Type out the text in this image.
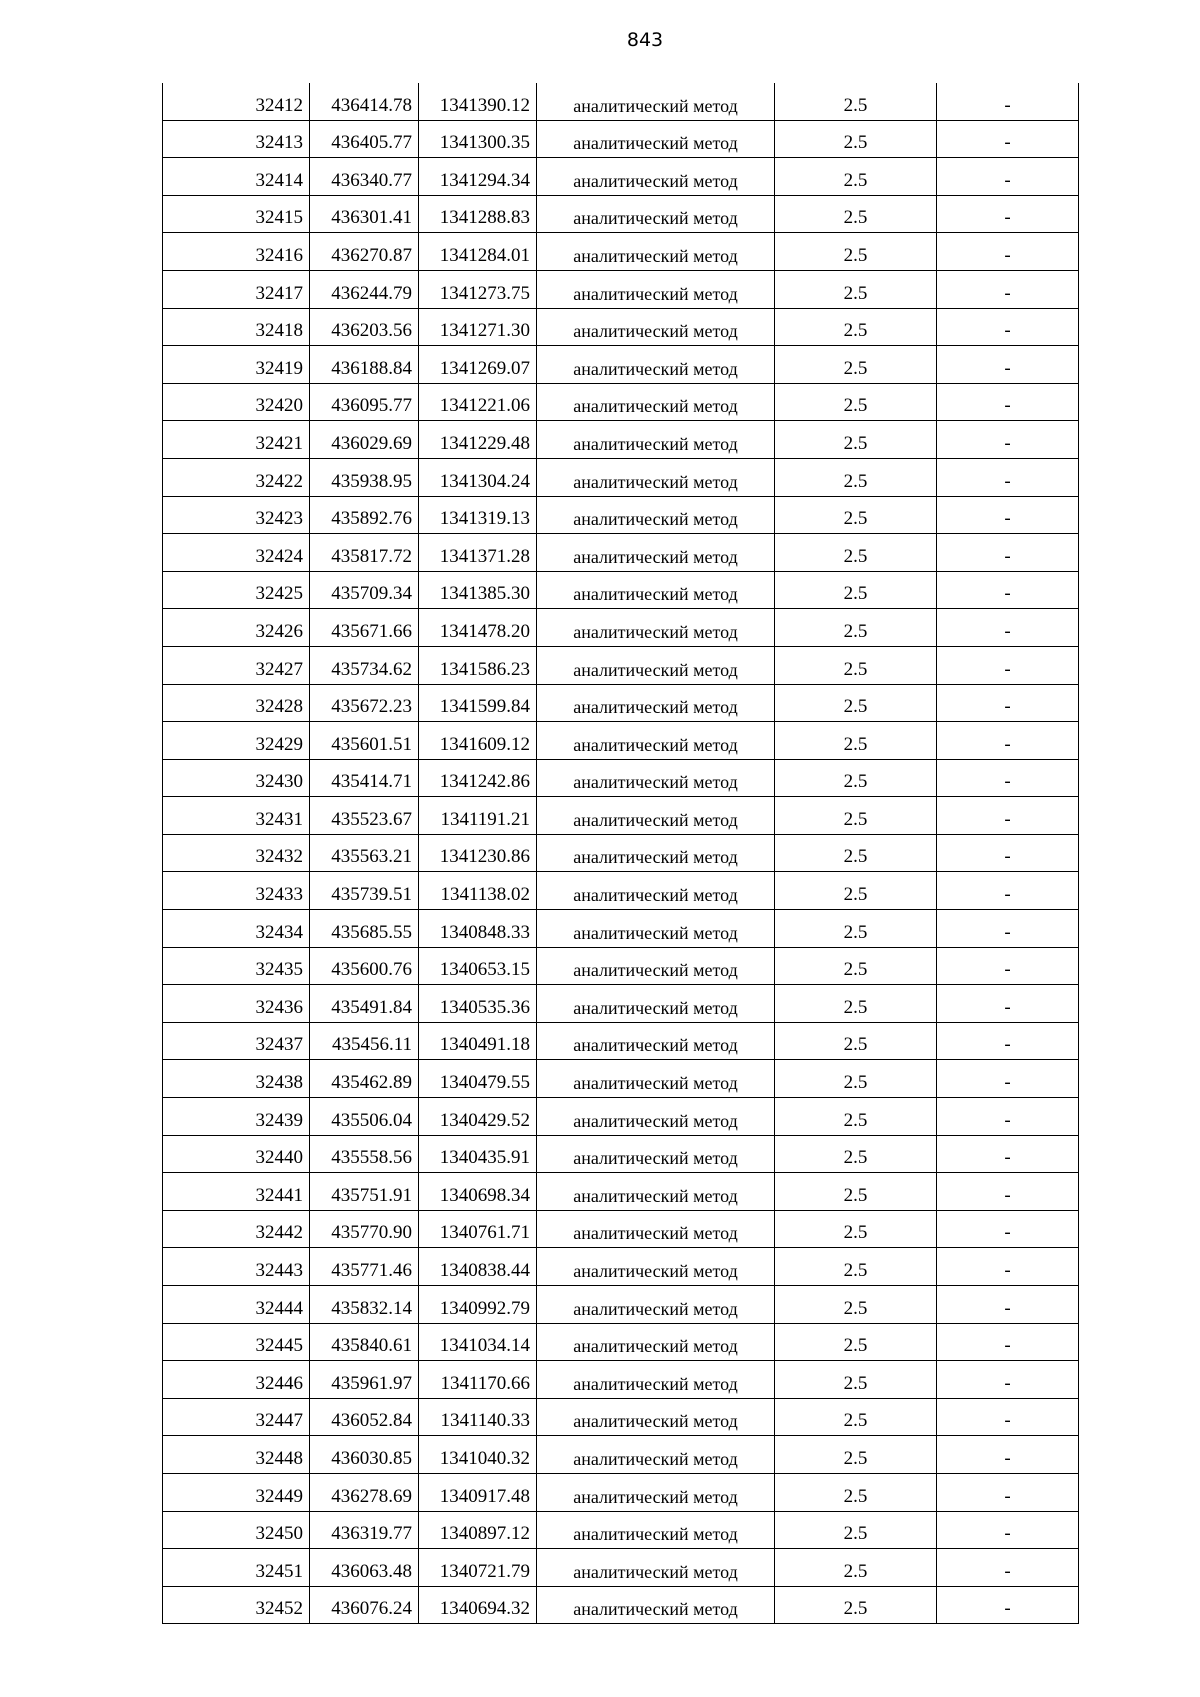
843
32412	436414.78	1341390.12	аналитический метод	2.5	-
32413	436405.77	1341300.35	аналитический метод	2.5	-
32414	436340.77	1341294.34	аналитический метод	2.5	-
32415	436301.41	1341288.83	аналитический метод	2.5	-
32416	436270.87	1341284.01	аналитический метод	2.5	-
32417	436244.79	1341273.75	аналитический метод	2.5	-
32418	436203.56	1341271.30	аналитический метод	2.5	-
32419	436188.84	1341269.07	аналитический метод	2.5	-
32420	436095.77	1341221.06	аналитический метод	2.5	-
32421	436029.69	1341229.48	аналитический метод	2.5	-
32422	435938.95	1341304.24	аналитический метод	2.5	-
32423	435892.76	1341319.13	аналитический метод	2.5	-
32424	435817.72	1341371.28	аналитический метод	2.5	-
32425	435709.34	1341385.30	аналитический метод	2.5	-
32426	435671.66	1341478.20	аналитический метод	2.5	-
32427	435734.62	1341586.23	аналитический метод	2.5	-
32428	435672.23	1341599.84	аналитический метод	2.5	-
32429	435601.51	1341609.12	аналитический метод	2.5	-
32430	435414.71	1341242.86	аналитический метод	2.5	-
32431	435523.67	1341191.21	аналитический метод	2.5	-
32432	435563.21	1341230.86	аналитический метод	2.5	-
32433	435739.51	1341138.02	аналитический метод	2.5	-
32434	435685.55	1340848.33	аналитический метод	2.5	-
32435	435600.76	1340653.15	аналитический метод	2.5	-
32436	435491.84	1340535.36	аналитический метод	2.5	-
32437	435456.11	1340491.18	аналитический метод	2.5	-
32438	435462.89	1340479.55	аналитический метод	2.5	-
32439	435506.04	1340429.52	аналитический метод	2.5	-
32440	435558.56	1340435.91	аналитический метод	2.5	-
32441	435751.91	1340698.34	аналитический метод	2.5	-
32442	435770.90	1340761.71	аналитический метод	2.5	-
32443	435771.46	1340838.44	аналитический метод	2.5	-
32444	435832.14	1340992.79	аналитический метод	2.5	-
32445	435840.61	1341034.14	аналитический метод	2.5	-
32446	435961.97	1341170.66	аналитический метод	2.5	-
32447	436052.84	1341140.33	аналитический метод	2.5	-
32448	436030.85	1341040.32	аналитический метод	2.5	-
32449	436278.69	1340917.48	аналитический метод	2.5	-
32450	436319.77	1340897.12	аналитический метод	2.5	-
32451	436063.48	1340721.79	аналитический метод	2.5	-
32452	436076.24	1340694.32	аналитический метод	2.5	-
